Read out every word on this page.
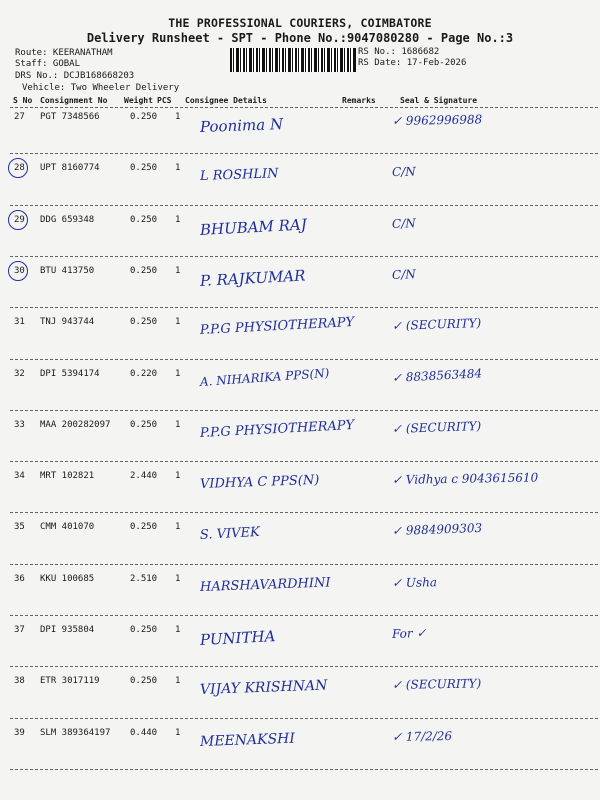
THE PROFESSIONAL COURIERS, COIMBATORE
Delivery Runsheet - SPT - Phone No.:9047080280 - Page No.:3
Route: KEERANATHAM
Staff: GOBAL
DRS No.: DCJB168668203
Vehicle: Two Wheeler Delivery
RS No.: 1686682
RS Date: 17-Feb-2026
S No Consignment No Weight PCS Consignee Details	Remarks	Seal & Signature
27 PGT 7348566	0.250 1 Poonima N	✓ 9962996988
28 UPT 8160774	0.250 1 L ROSHLIN	C/N
29 DDG 659348	0.250 1 BHUBAM RAJ	C/N
30 BTU 413750	0.250 1 P. RAJKUMAR	C/N
31 TNJ 943744	0.250 1 P.P.G PHYSIOTHERAPY	✓ (SECURITY)
32 DPI 5394174	0.220 1 A. NIHARIKA PPS(N)	✓ 8838563484
33 MAA 200282097 0.250 1 P.P.G PHYSIOTHERAPY	✓ (SECURITY)
34 MRT 102821	2.440 1 VIDHYA C PPS(N)	✓ Vidhya c 9043615610
35 CMM 401070	0.250 1 S. VIVEK	✓ 9884909303
36 KKU 100685	2.510 1 HARSHAVARDHINI	✓ Usha
37 DPI 935804	0.250 1 PUNITHA	For ✓
38 ETR 3017119	0.250 1 VIJAY KRISHNAN	✓ (SECURITY)
39 SLM 389364197 0.440 1 MEENAKSHI	✓ 17/2/26
